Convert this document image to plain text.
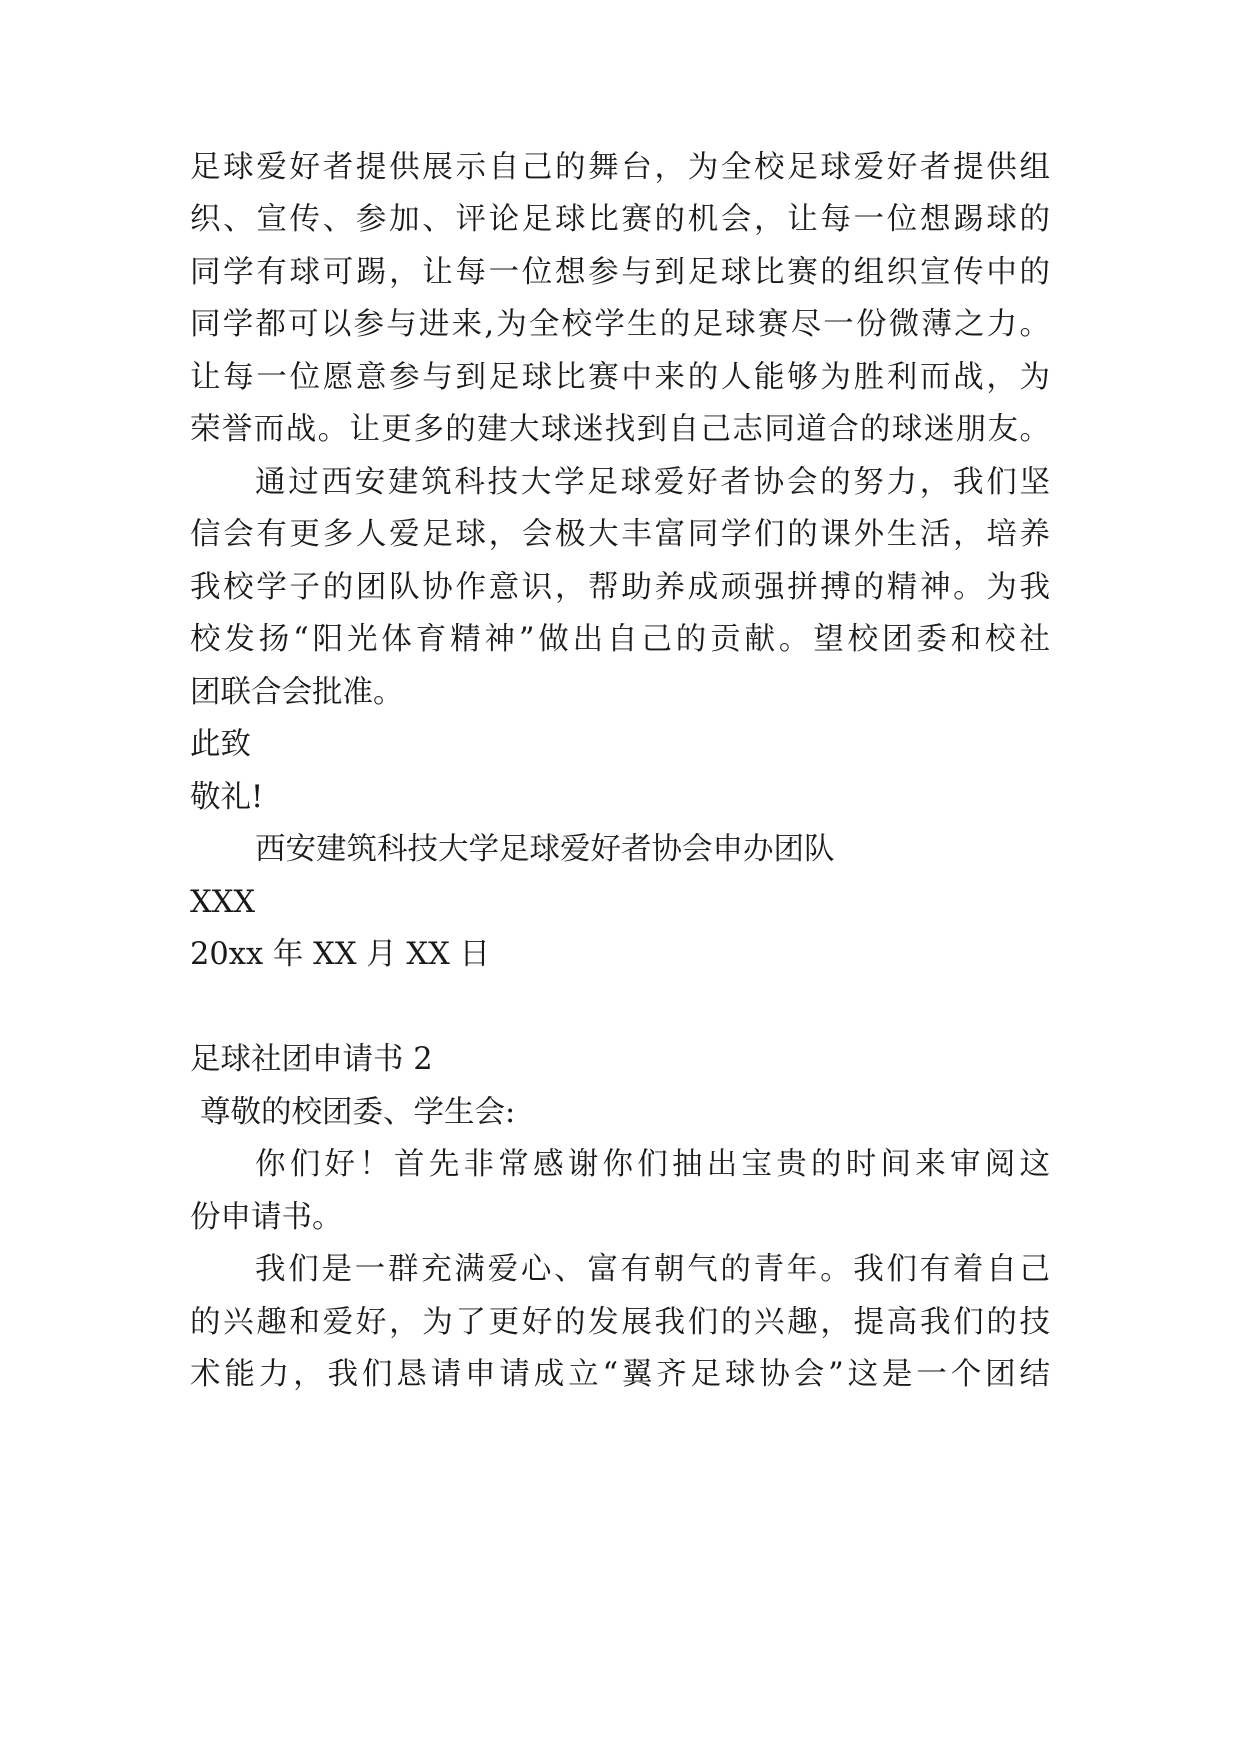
足球爱好者提供展示自己的舞台，为全校足球爱好者提供组
织、宣传、参加、评论足球比赛的机会，让每一位想踢球的
同学有球可踢，让每一位想参与到足球比赛的组织宣传中的
同学都可以参与进来,为全校学生的足球赛尽一份微薄之力。
让每一位愿意参与到足球比赛中来的人能够为胜利而战，为
荣誉而战。让更多的建大球迷找到自己志同道合的球迷朋友。
通过西安建筑科技大学足球爱好者协会的努力，我们坚
信会有更多人爱足球，会极大丰富同学们的课外生活，培养
我校学子的团队协作意识，帮助养成顽强拼搏的精神。为我
校发扬“阳光体育精神”做出自己的贡献。望校团委和校社
团联合会批准。
此致
敬礼!
西安建筑科技大学足球爱好者协会申办团队
XXX
20xx 年 XX 月 XX 日
足球社团申请书 2
尊敬的校团委、学生会:
你们好！首先非常感谢你们抽出宝贵的时间来审阅这
份申请书。
我们是一群充满爱心、富有朝气的青年。我们有着自己
的兴趣和爱好，为了更好的发展我们的兴趣，提高我们的技
术能力，我们恳请申请成立“翼齐足球协会”这是一个团结
